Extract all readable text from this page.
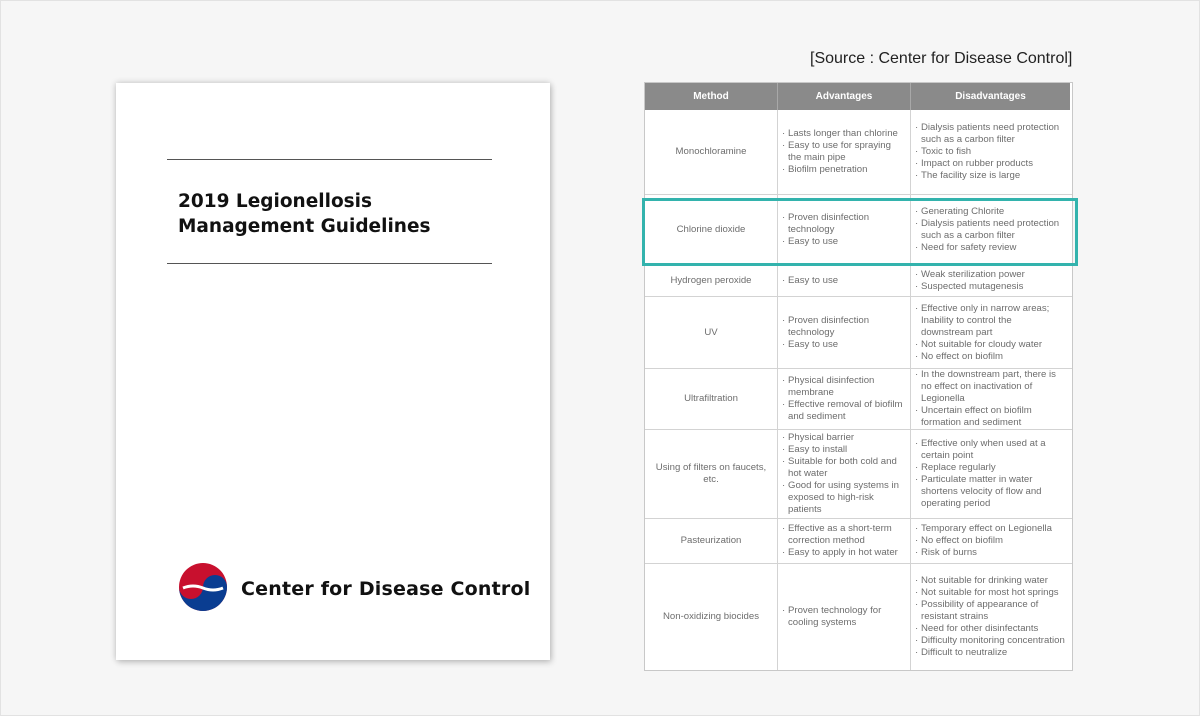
2019 Legionellosis
Management Guidelines
Center for Disease Control
[Source : Center for Disease Control]
Method	Advantages	Disadvantages
Monochloramine
· Lasts longer than chlorine
· Easy to use for spraying the main pipe
· Biofilm penetration
· Dialysis patients need protection such as a carbon filter
· Toxic to fish
· Impact on rubber products
· The facility size is large
Chlorine dioxide
· Proven disinfection technology
· Easy to use
· Generating Chlorite
· Dialysis patients need protection such as a carbon filter
· Need for safety review
Hydrogen peroxide
·	Easy to use
· Weak sterilization power
· Suspected mutagenesis
UV
· Proven disinfection technology
· Easy to use
· Effective only in narrow areas; Inability to control the downstream part
· Not suitable for cloudy water
· No effect on biofilm
Ultrafiltration
· Physical disinfection membrane
· Effective removal of biofilm and sediment
· In the downstream part, there is no effect on inactivation of Legionella
· Uncertain effect on biofilm formation and sediment
Using of filters on faucets, etc.
· Physical barrier
· Easy to install
· Suitable for both cold and hot water
· Good for using systems in exposed to high-risk patients
· Effective only when used at a certain point
· Replace regularly
· Particulate matter in water shortens velocity of flow and operating period
Pasteurization
· Effective as a short-term correction method
· Easy to apply in hot water
· Temporary effect on Legionella
· No effect on biofilm
· Risk of burns
Non-oxidizing biocides
· Proven technology for cooling systems
· Not suitable for drinking water
· Not suitable for most hot springs
· Possibility of appearance of resistant strains
· Need for other disinfectants
· Difficulty monitoring concentration
· Difficult to neutralize
